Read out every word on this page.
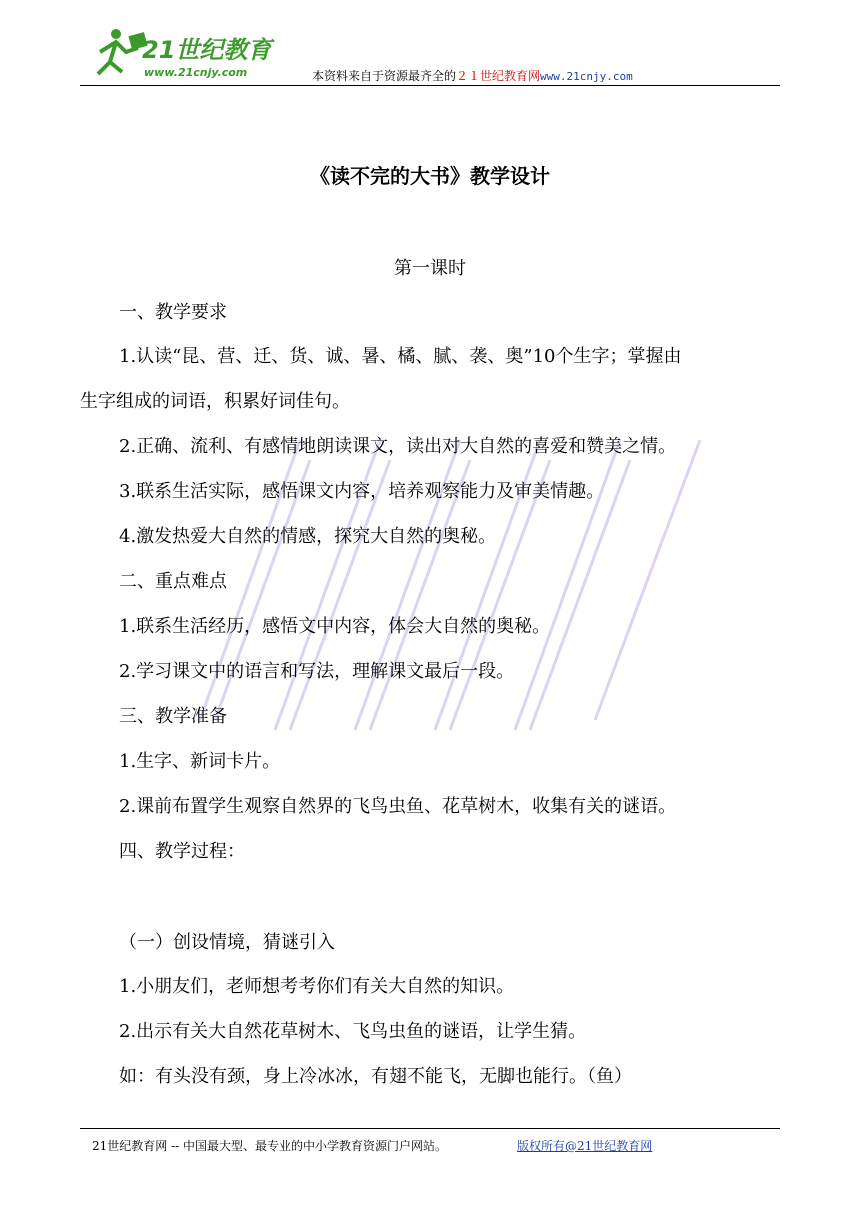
21世纪教育
www.21cnjy.com	本资料来自于资源最齐全的２１世纪教育网www.21cnjy.com
《读不完的大书》教学设计
第一课时
一、教学要求
1.认读“昆、营、迁、货、诚、暑、橘、腻、袭、奥”10个生字；掌握由
生字组成的词语，积累好词佳句。
2.正确、流利、有感情地朗读课文，读出对大自然的喜爱和赞美之情。
3.联系生活实际，感悟课文内容，培养观察能力及审美情趣。
4.激发热爱大自然的情感，探究大自然的奥秘。
二、重点难点
1.联系生活经历，感悟文中内容，体会大自然的奥秘。
2.学习课文中的语言和写法，理解课文最后一段。
三、教学准备
1.生字、新词卡片。
2.课前布置学生观察自然界的飞鸟虫鱼、花草树木，收集有关的谜语。
四、教学过程：
（一）创设情境，猜谜引入
1.小朋友们，老师想考考你们有关大自然的知识。
2.出示有关大自然花草树木、飞鸟虫鱼的谜语，让学生猜。
如：有头没有颈，身上冷冰冰，有翅不能飞，无脚也能行。（鱼）
21世纪教育网 -- 中国最大型、最专业的中小学教育资源门户网站。	版权所有@21世纪教育网
